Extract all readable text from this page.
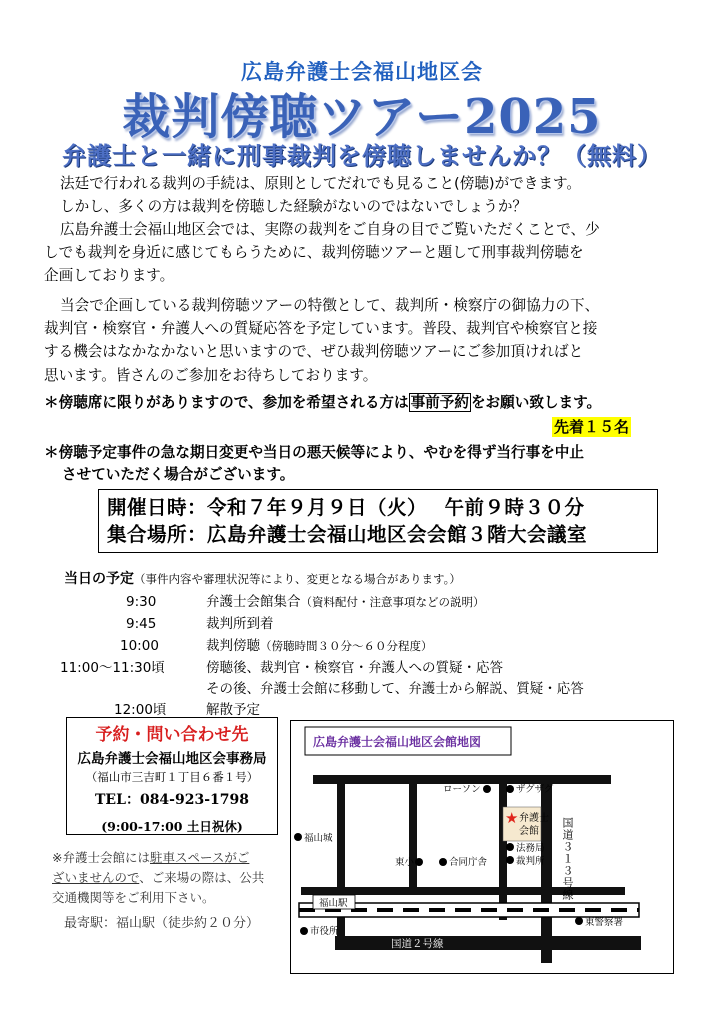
広島弁護士会福山地区会
裁判傍聴ツアー2025
弁護士と一緒に刑事裁判を傍聴しませんか？（無料）

法廷で行われる裁判の手続は、原則としてだれでも見ること(傍聴)ができます。

しかし、多くの方は裁判を傍聴した経験がないのではないでしょうか？

広島弁護士会福山地区会では、実際の裁判をご自身の目でご覧いただくことで、少

しでも裁判を身近に感じてもらうために、裁判傍聴ツアーと題して刑事裁判傍聴を

企画しております。

当会で企画している裁判傍聴ツアーの特徴として、裁判所・検察庁の御協力の下、

裁判官・検察官・弁護人への質疑応答を予定しています。普段、裁判官や検察官と接

する機会はなかなかないと思いますので、ぜひ裁判傍聴ツアーにご参加頂ければと

思います。皆さんのご参加をお待ちしております。

＊傍聴席に限りがありますので、参加を希望される方は 事前予約 をお願い致します。
先着１５名
＊傍聴予定事件の急な期日変更や当日の悪天候等により、やむを得ず当行事を中止
させていただく場合がございます。
開催日時：令和７年９月９日（火）　 午前９時３０分
集合場所：広島弁護士会福山地区会会館３階大会議室
当日の予定（事件内容や審理状況等により、変更となる場合があります。）
9:30	弁護士会館集合（資料配付・注意事項などの説明）
9:45	裁判所到着
10:00	裁判傍聴（傍聴時間３０分～６０分程度）
11:00～11:30頃	傍聴後、裁判官・検察官・弁護人への質疑・応答
その後、弁護士会館に移動して、弁護士から解説、質疑・応答
12:00頃	解散予定
予約・問い合わせ先
広島弁護士会福山地区会事務局
（福山市三吉町１丁目６番１号）
TEL：084-923-1798
(9:00-17:00 土日祝休)
※弁護士会館には駐車スペースがご
ざいませんので、ご来場の際は、公共
交通機関等をご利用下さい。
最寄駅：福山駅（徒歩約２０分）
広島弁護士会福山地区会館地図
★ 弁護士
会館
ローソン	ザグザグ
福山城
法務局
裁判所
東小	合同庁舎
福山駅
市役所
東警察署
国道２号線
国道３１３号線
